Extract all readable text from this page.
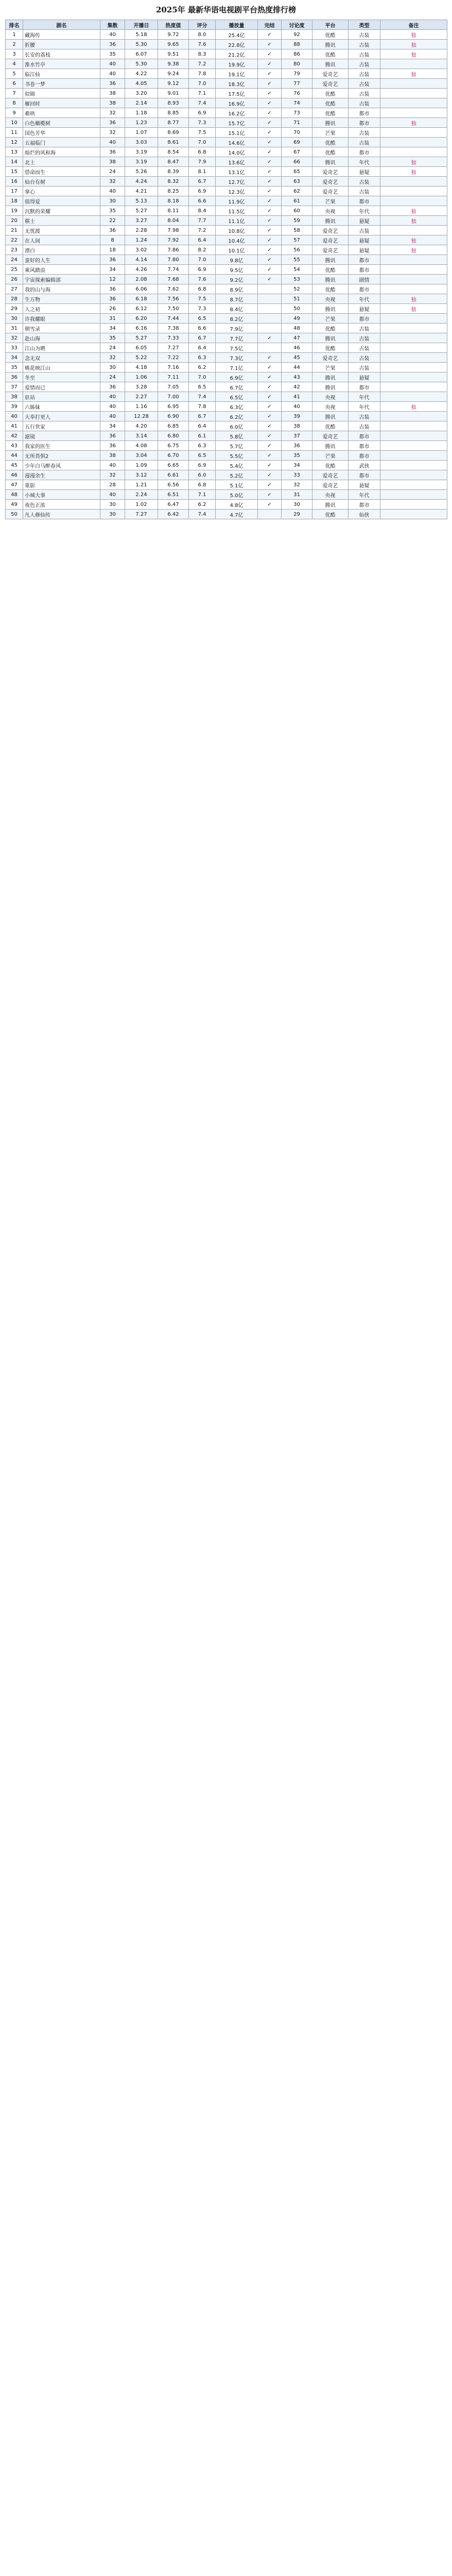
2025年 最新华语电视剧平台热度排行榜
排名	剧名	集数	开播日	热度值	评分	播放量	完结	讨论度	平台	类型	备注
1	藏海传	40	5.18	9.72	8.0	25.4亿	✓	92	优酷	古装	独
2	折腰	36	5.30	9.65	7.6	22.8亿	✓	88	腾讯	古装	独
3	长安的荔枝	35	6.07	9.51	8.3	21.2亿	✓	86	优酷	古装	独
4	淮水竹亭	40	5.30	9.38	7.2	19.9亿	✓	80	腾讯	古装	
5	临江仙	40	4.22	9.24	7.8	19.1亿	✓	79	爱奇艺	古装	独
6	书卷一梦	36	4.05	9.12	7.0	18.3亿	✓	77	爱奇艺	古装	
7	似锦	38	3.20	9.01	7.1	17.5亿	✓	76	优酷	古装	
8	雁回时	38	2.14	8.93	7.4	16.9亿	✓	74	优酷	古装	
9	难哄	32	1.18	8.85	6.9	16.2亿	✓	73	优酷	都市	
10	白色橄榄树	36	1.23	8.77	7.3	15.7亿	✓	71	腾讯	都市	独
11	国色芳华	32	1.07	8.69	7.5	15.1亿	✓	70	芒果	古装	
12	五福临门	40	3.03	8.61	7.0	14.6亿	✓	69	优酷	古装	
13	灿烂的风和海	36	3.19	8.54	6.8	14.0亿	✓	67	优酷	都市	
14	北上	38	3.19	8.47	7.9	13.6亿	✓	66	腾讯	年代	独
15	借命而生	24	5.26	8.39	8.1	13.1亿	✓	65	爱奇艺	悬疑	独
16	仙台有树	32	4.24	8.32	6.7	12.7亿	✓	63	爱奇艺	古装	
17	掌心	40	4.21	8.25	6.9	12.3亿	✓	62	爱奇艺	古装	
18	值得爱	30	5.13	8.18	6.6	11.9亿	✓	61	芒果	都市	
19	沉默的荣耀	35	5.27	8.11	8.4	11.5亿	✓	60	央视	年代	独
20	棋士	22	3.27	8.04	7.7	11.1亿	✓	59	腾讯	悬疑	独
21	无忧渡	36	2.28	7.98	7.2	10.8亿	✓	58	爱奇艺	古装	
22	在人间	8	1.24	7.92	6.4	10.4亿	✓	57	爱奇艺	悬疑	独
23	漂白	18	3.02	7.86	8.2	10.1亿	✓	56	爱奇艺	悬疑	独
24	蛮好的人生	36	4.14	7.80	7.0	9.8亿	✓	55	腾讯	都市	
25	乘风踏浪	34	4.26	7.74	6.9	9.5亿	✓	54	优酷	都市	
26	宇宙探索编辑部	12	2.08	7.68	7.6	9.2亿	✓	53	腾讯	剧情	
27	我的山与海	36	6.06	7.62	6.8	8.9亿		52	优酷	都市	
28	生万物	36	6.18	7.56	7.5	8.7亿		51	央视	年代	独
29	人之初	26	6.12	7.50	7.3	8.4亿		50	腾讯	悬疑	独
30	许我耀眼	31	6.20	7.44	6.5	8.2亿		49	芒果	都市	
31	朝雪录	34	6.16	7.38	6.6	7.9亿		48	优酷	古装	
32	赴山海	35	5.27	7.33	6.7	7.7亿	✓	47	腾讯	古装	
33	江山为聘	24	6.05	7.27	6.4	7.5亿		46	优酷	古装	
34	念无双	32	5.22	7.22	6.3	7.3亿	✓	45	爱奇艺	古装	
35	桃花映江山	30	4.18	7.16	6.2	7.1亿	✓	44	芒果	古装	
36	冬至	24	1.06	7.11	7.0	6.9亿	✓	43	腾讯	悬疑	
37	爱情而已	36	3.28	7.05	6.5	6.7亿	✓	42	腾讯	都市	
38	驻站	40	2.27	7.00	7.4	6.5亿	✓	41	央视	年代	
39	六姊妹	40	1.16	6.95	7.8	6.3亿	✓	40	央视	年代	独
40	大奉打更人	40	12.28	6.90	6.7	6.2亿	✓	39	腾讯	古装	
41	五行世家	34	4.20	6.85	6.4	6.0亿	✓	38	优酷	古装	
42	滤镜	36	3.14	6.80	6.1	5.8亿	✓	37	爱奇艺	都市	
43	我家的医生	36	4.08	6.75	6.3	5.7亿	✓	36	腾讯	都市	
44	无所畏惧2	38	3.04	6.70	6.5	5.5亿	✓	35	芒果	都市	
45	少年白马醉春风	40	1.09	6.65	6.9	5.4亿	✓	34	优酷	武侠	
46	漫漫余生	32	3.12	6.61	6.0	5.2亿	✓	33	爱奇艺	都市	
47	重影	28	1.21	6.56	6.8	5.1亿	✓	32	爱奇艺	悬疑	
48	小城大事	40	2.24	6.51	7.1	5.0亿	✓	31	央视	年代	
49	夜色正浓	30	1.02	6.47	6.2	4.8亿	✓	30	腾讯	都市	
50	凡人修仙传	30	7.27	6.42	7.4	4.7亿		29	优酷	仙侠	
